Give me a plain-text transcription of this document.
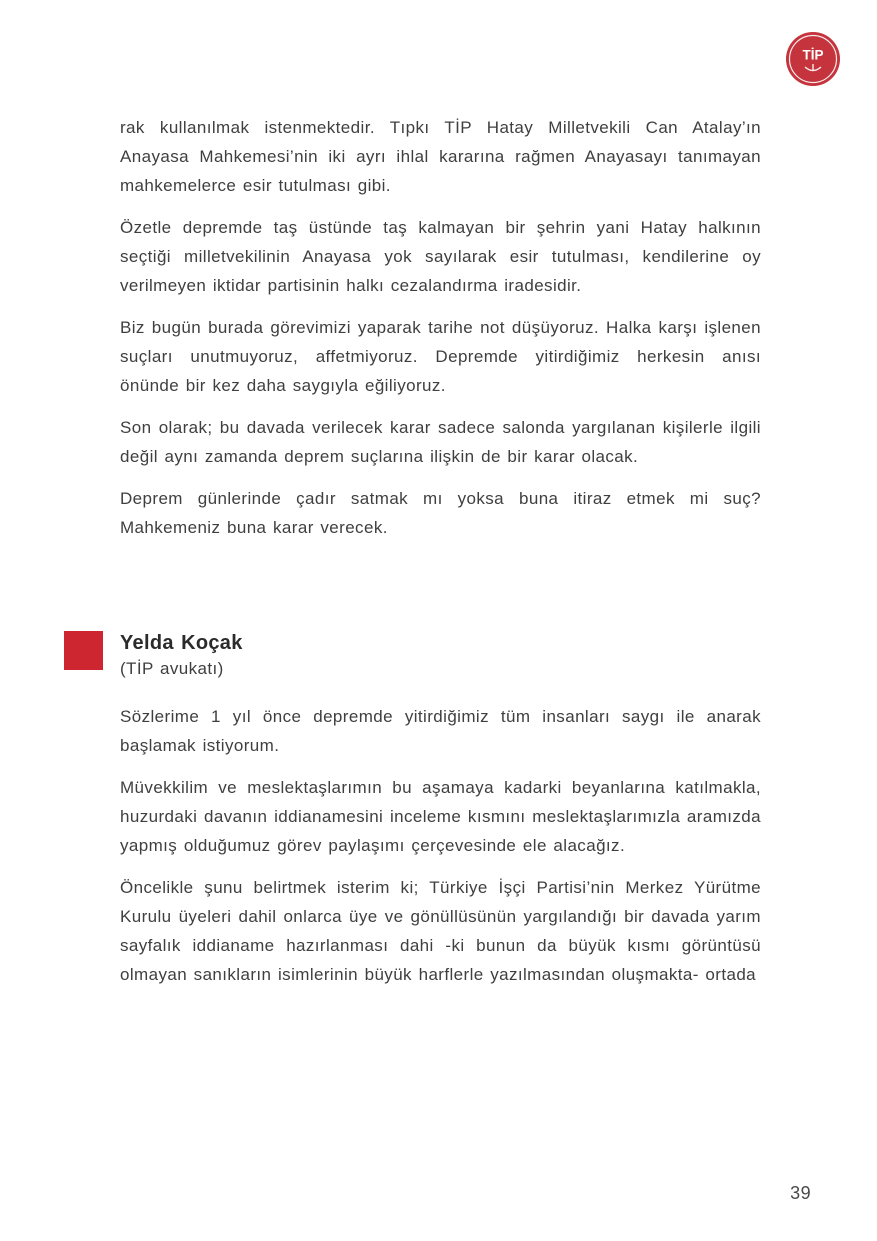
TİP

rak kullanılmak istenmektedir. Tıpkı TİP Hatay Milletvekili Can Atalay’ın Anayasa Mahkemesi’nin iki ayrı ihlal kararına rağmen Anayasayı tanımayan mahkemelerce esir tutulması gibi.

Özetle depremde taş üstünde taş kalmayan bir şehrin yani Hatay halkının seçtiği milletvekilinin Anayasa yok sayılarak esir tutulması, kendilerine oy verilmeyen iktidar partisinin halkı cezalandırma iradesidir.

Biz bugün burada görevimizi yaparak tarihe not düşüyoruz. Halka karşı işlenen suçları unutmuyoruz, affetmiyoruz. Depremde yitirdiğimiz herkesin anısı önünde bir kez daha saygıyla eğiliyoruz.

Son olarak; bu davada verilecek karar sadece salonda yargılanan kişilerle ilgili değil aynı zamanda deprem suçlarına ilişkin de bir karar olacak.

Deprem günlerinde çadır satmak mı yoksa buna itiraz etmek mi suç? Mahkemeniz buna karar verecek.

Yelda Koçak
(TİP avukatı)

Sözlerime 1 yıl önce depremde yitirdiğimiz tüm insanları saygı ile anarak başlamak istiyorum.

Müvekkilim ve meslektaşlarımın bu aşamaya kadarki beyanlarına katılmakla, huzurdaki davanın iddianamesini inceleme kısmını meslektaşlarımızla aramızda yapmış olduğumuz görev paylaşımı çerçevesinde ele alacağız.

Öncelikle şunu belirtmek isterim ki; Türkiye İşçi Partisi’nin Merkez Yürütme Kurulu üyeleri dahil onlarca üye ve gönüllüsünün yargılandığı bir davada yarım sayfalık iddianame hazırlanması dahi -ki bunun da büyük kısmı görüntüsü olmayan sanıkların isimlerinin büyük harflerle yazılmasından oluşmakta- ortada

39
